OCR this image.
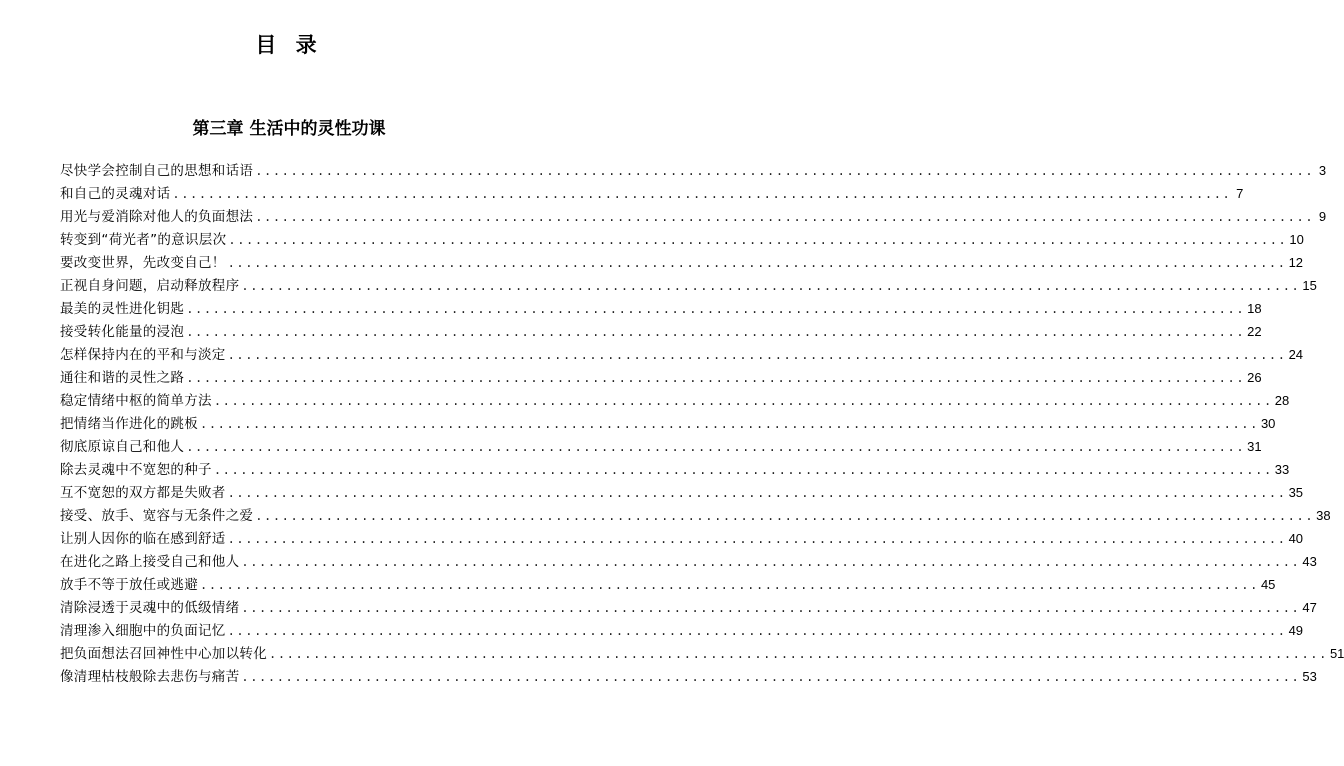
目 录
第三章 生活中的灵性功课
尽快学会控制自己的思想和话语 ........................................................................................................................ 3
和自己的灵魂对话 ........................................................................................................................ 7
用光与爱消除对他人的负面想法 ........................................................................................................................ 9
转变到“荷光者”的意识层次 ........................................................................................................................ 10
要改变世界，先改变自己！ ........................................................................................................................ 12
正视自身问题，启动释放程序 ........................................................................................................................ 15
最美的灵性进化钥匙 ........................................................................................................................ 18
接受转化能量的浸泡 ........................................................................................................................ 22
怎样保持内在的平和与淡定 ........................................................................................................................ 24
通往和谐的灵性之路 ........................................................................................................................ 26
稳定情绪中枢的简单方法 ........................................................................................................................ 28
把情绪当作进化的跳板 ........................................................................................................................ 30
彻底原谅自己和他人 ........................................................................................................................ 31
除去灵魂中不宽恕的种子 ........................................................................................................................ 33
互不宽恕的双方都是失败者 ........................................................................................................................ 35
接受、放手、宽容与无条件之爱 ........................................................................................................................ 38
让别人因你的临在感到舒适 ........................................................................................................................ 40
在进化之路上接受自己和他人 ........................................................................................................................ 43
放手不等于放任或逃避 ........................................................................................................................ 45
清除浸透于灵魂中的低级情绪 ........................................................................................................................ 47
清理渗入细胞中的负面记忆 ........................................................................................................................ 49
把负面想法召回神性中心加以转化 ........................................................................................................................ 51
像清理枯枝般除去悲伤与痛苦 ........................................................................................................................ 53
